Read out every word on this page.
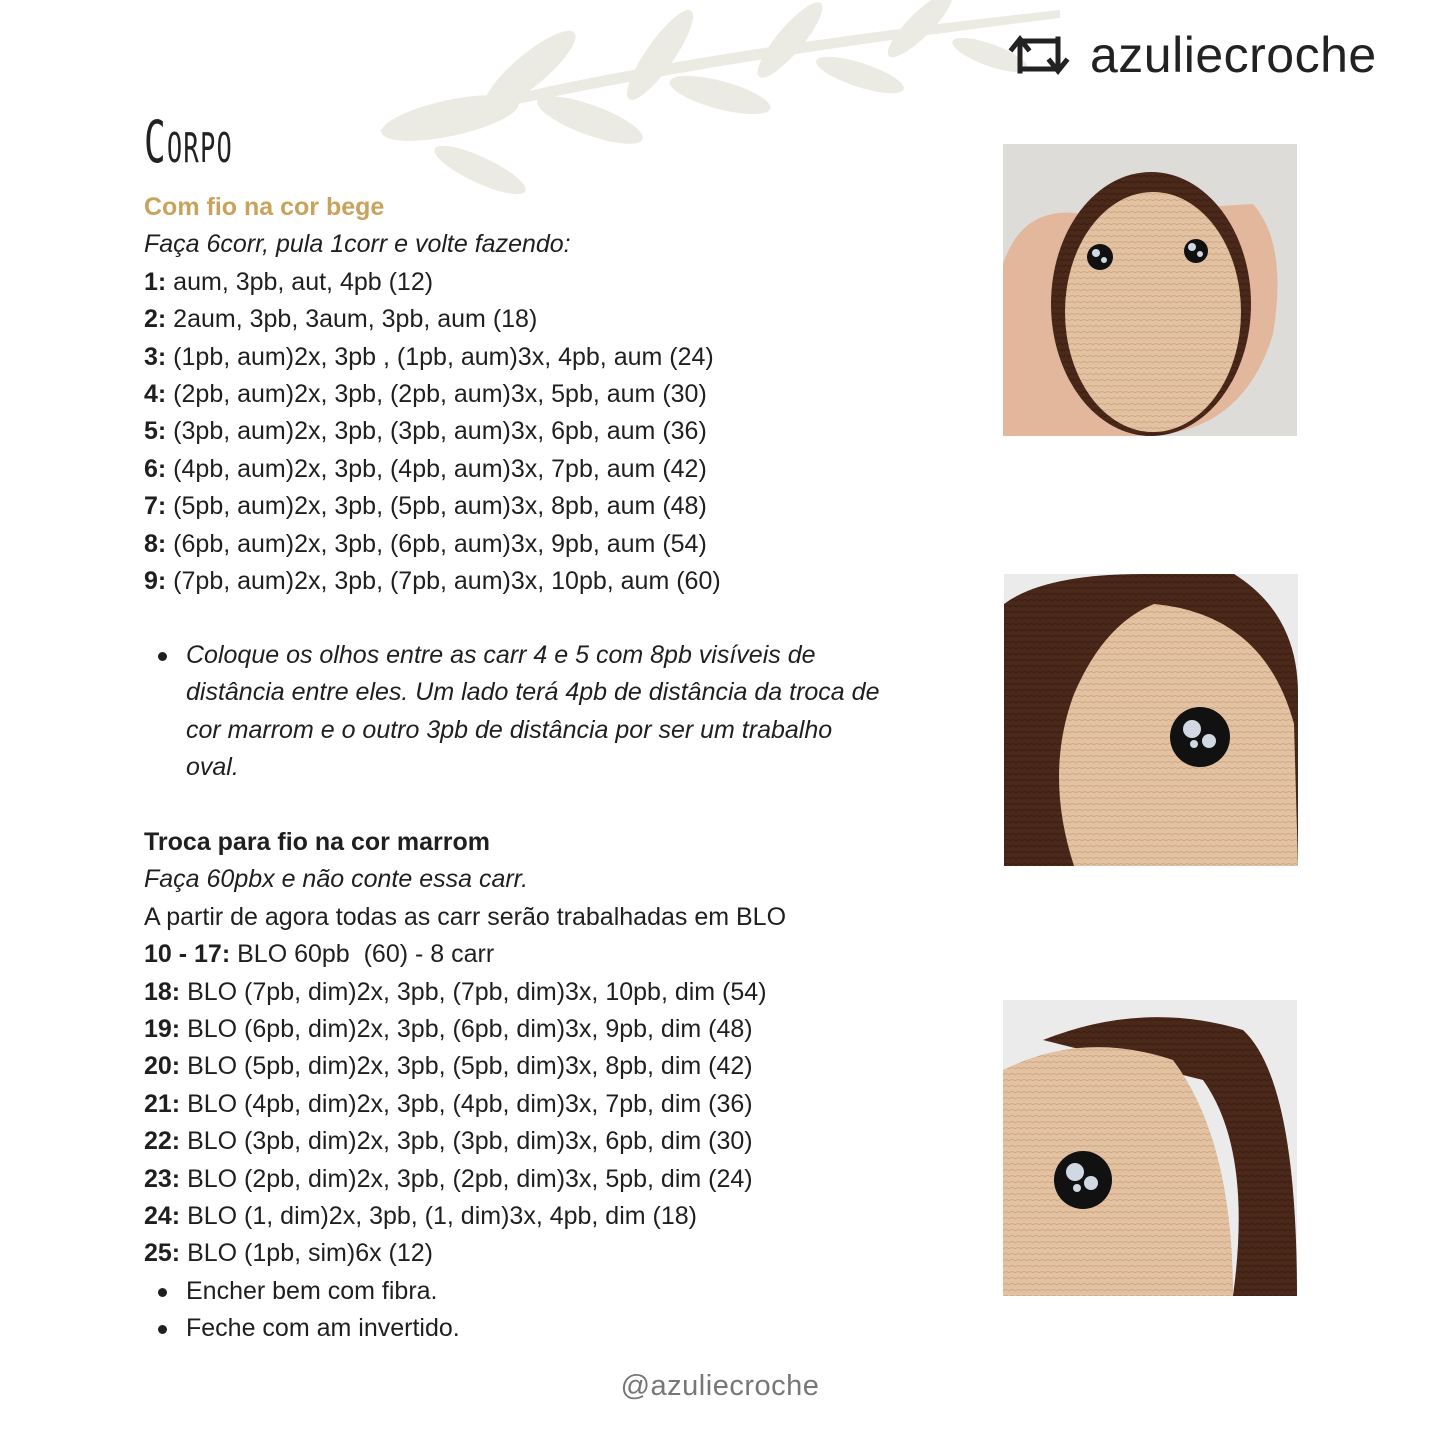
azuliecroche
Corpo
Com fio na cor bege
Faça 6corr, pula 1corr e volte fazendo:
1: aum, 3pb, aut, 4pb (12)
2: 2aum, 3pb, 3aum, 3pb, aum (18)
3: (1pb, aum)2x, 3pb , (1pb, aum)3x, 4pb, aum (24)
4: (2pb, aum)2x, 3pb, (2pb, aum)3x, 5pb, aum (30)
5: (3pb, aum)2x, 3pb, (3pb, aum)3x, 6pb, aum (36)
6: (4pb, aum)2x, 3pb, (4pb, aum)3x, 7pb, aum (42)
7: (5pb, aum)2x, 3pb, (5pb, aum)3x, 8pb, aum (48)
8: (6pb, aum)2x, 3pb, (6pb, aum)3x, 9pb, aum (54)
9: (7pb, aum)2x, 3pb, (7pb, aum)3x, 10pb, aum (60)
Coloque os olhos entre as carr 4 e 5 com 8pb visíveis de distância entre eles. Um lado terá 4pb de distância da troca de cor marrom e o outro 3pb de distância por ser um trabalho oval.
Troca para fio na cor marrom
Faça 60pbx e não conte essa carr.
A partir de agora todas as carr serão trabalhadas em BLO
10 - 17: BLO 60pb  (60) - 8 carr
18: BLO (7pb, dim)2x, 3pb, (7pb, dim)3x, 10pb, dim (54)
19: BLO (6pb, dim)2x, 3pb, (6pb, dim)3x, 9pb, dim (48)
20: BLO (5pb, dim)2x, 3pb, (5pb, dim)3x, 8pb, dim (42)
21: BLO (4pb, dim)2x, 3pb, (4pb, dim)3x, 7pb, dim (36)
22: BLO (3pb, dim)2x, 3pb, (3pb, dim)3x, 6pb, dim (30)
23: BLO (2pb, dim)2x, 3pb, (2pb, dim)3x, 5pb, dim (24)
24: BLO (1, dim)2x, 3pb, (1, dim)3x, 4pb, dim (18)
25: BLO (1pb, sim)6x (12)
Encher bem com fibra.
Feche com am invertido.
@azuliecroche
